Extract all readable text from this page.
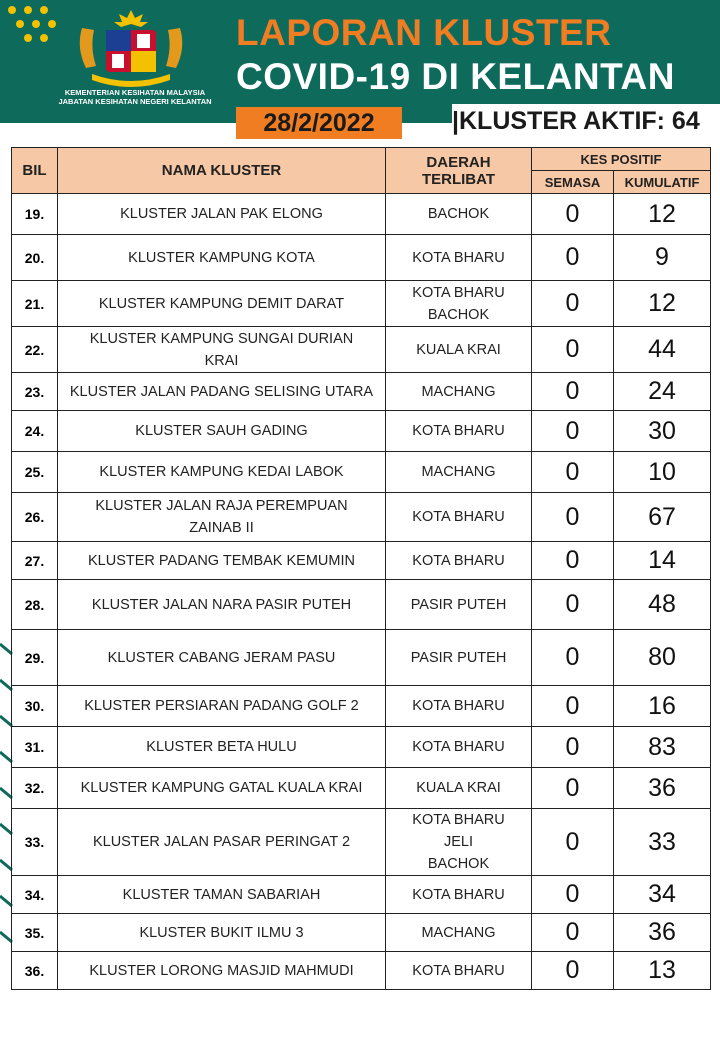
KEMENTERIAN KESIHATAN MALAYSIA
JABATAN KESIHATAN NEGERI KELANTAN
LAPORAN KLUSTER
COVID-19 DI KELANTAN
28/2/2022	|KLUSTER AKTIF: 64
BIL	NAMA KLUSTER	DAERAH
TERLIBAT	KES POSITIF	
			SEMASA	KUMULATIF
19.	KLUSTER JALAN PAK ELONG	BACHOK	0	12
20.	KLUSTER KAMPUNG KOTA	KOTA BHARU	0	9
21.	KLUSTER KAMPUNG DEMIT DARAT	KOTA BHARU
BACHOK	0	12
22.	KLUSTER KAMPUNG SUNGAI DURIAN
KRAI	KUALA KRAI	0	44
23.	KLUSTER JALAN PADANG SELISING UTARA	MACHANG	0	24
24.	KLUSTER SAUH GADING	KOTA BHARU	0	30
25.	KLUSTER KAMPUNG KEDAI LABOK	MACHANG	0	10
26.	KLUSTER JALAN RAJA PEREMPUAN
ZAINAB II	KOTA BHARU	0	67
27.	KLUSTER PADANG TEMBAK KEMUMIN	KOTA BHARU	0	14
28.	KLUSTER JALAN NARA PASIR PUTEH	PASIR PUTEH	0	48
29.	KLUSTER CABANG JERAM PASU	PASIR PUTEH	0	80
30.	KLUSTER PERSIARAN PADANG GOLF 2	KOTA BHARU	0	16
31.	KLUSTER BETA HULU	KOTA BHARU	0	83
32.	KLUSTER KAMPUNG GATAL KUALA KRAI	KUALA KRAI	0	36
33.	KLUSTER JALAN PASAR PERINGAT 2	KOTA BHARU
JELI
BACHOK	0	33
34.	KLUSTER TAMAN SABARIAH	KOTA BHARU	0	34
35.	KLUSTER BUKIT ILMU 3	MACHANG	0	36
36.	KLUSTER LORONG MASJID MAHMUDI	KOTA BHARU	0	13
